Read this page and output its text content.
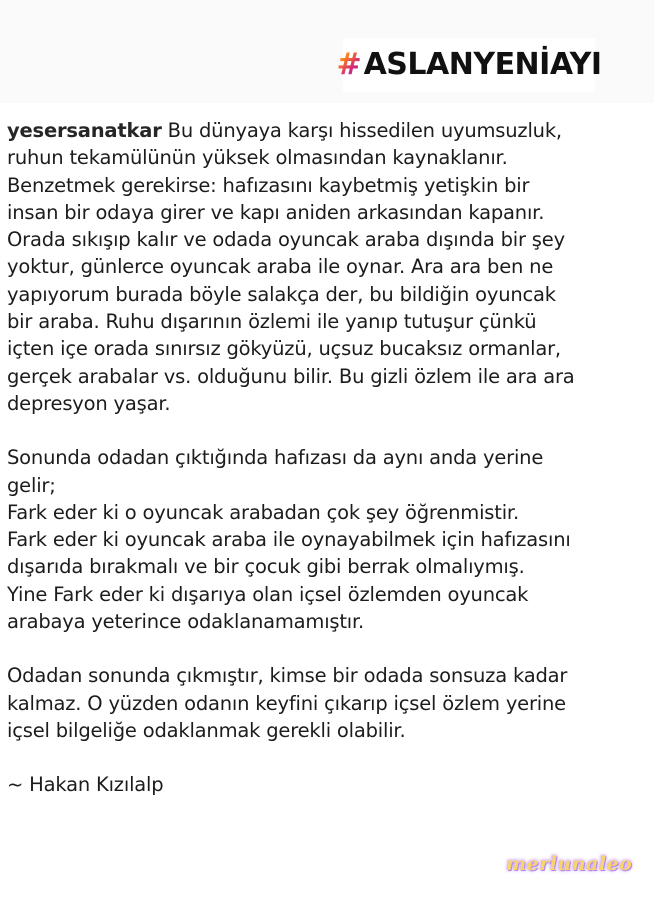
# ASLANYENİAYI
yesersanatkar Bu dünyaya karşı hissedilen uyumsuzluk,
ruhun tekamülünün yüksek olmasından kaynaklanır.
Benzetmek gerekirse: hafızasını kaybetmiş yetişkin bir
insan bir odaya girer ve kapı aniden arkasından kapanır.
Orada sıkışıp kalır ve odada oyuncak araba dışında bir şey
yoktur, günlerce oyuncak araba ile oynar. Ara ara ben ne
yapıyorum burada böyle salakça der, bu bildiğin oyuncak
bir araba. Ruhu dışarının özlemi ile yanıp tutuşur çünkü
içten içe orada sınırsız gökyüzü, uçsuz bucaksız ormanlar,
gerçek arabalar vs. olduğunu bilir. Bu gizli özlem ile ara ara
depresyon yaşar.
Sonunda odadan çıktığında hafızası da aynı anda yerine
gelir;
Fark eder ki o oyuncak arabadan çok şey öğrenmistir.
Fark eder ki oyuncak araba ile oynayabilmek için hafızasını
dışarıda bırakmalı ve bir çocuk gibi berrak olmalıymış.
Yine Fark eder ki dışarıya olan içsel özlemden oyuncak
arabaya yeterince odaklanamamıştır.
Odadan sonunda çıkmıştır, kimse bir odada sonsuza kadar
kalmaz. O yüzden odanın keyfini çıkarıp içsel özlem yerine
içsel bilgeliğe odaklanmak gerekli olabilir.
~ Hakan Kızılalp
merlunaleo
